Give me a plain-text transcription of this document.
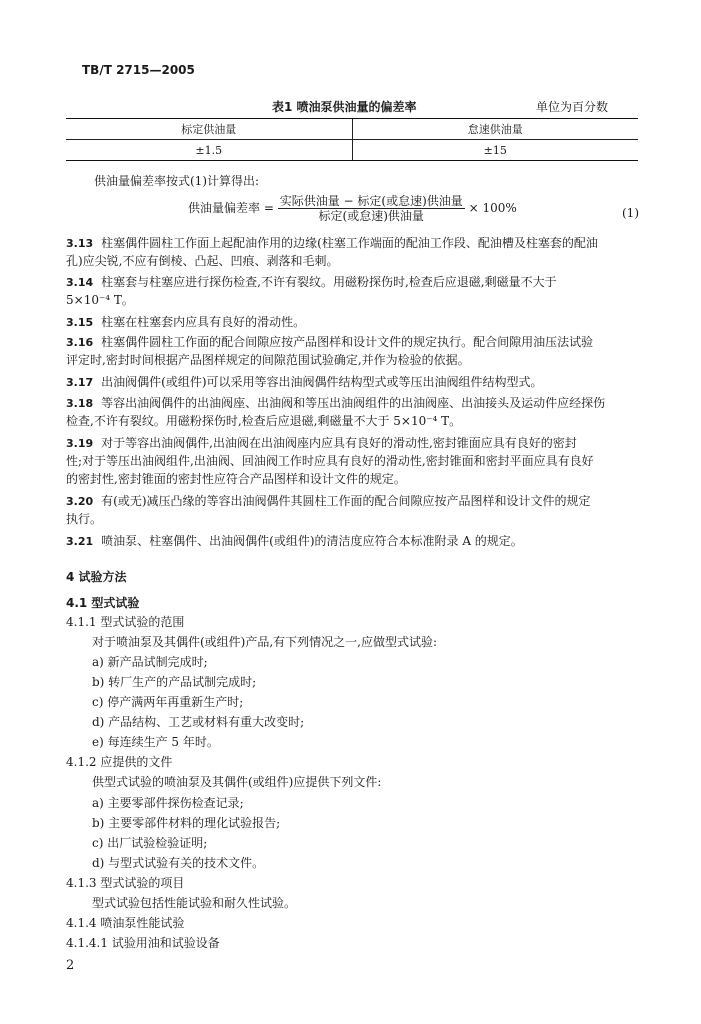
TB/T 2715—2005
表1 喷油泵供油量的偏差率	单位为百分数
标定供油量	怠速供油量
±1.5	±15
供油量偏差率按式(1)计算得出:
供油量偏差率 = $\frac{\text{实际供油量 − 标定(或怠速)供油量}}{\text{标定(或怠速)供油量}} \times 100\%$	(1)
3.13 柱塞偶件圆柱工作面上起配油作用的边缘(柱塞工作端面的配油工作段、配油槽及柱塞套的配油
孔)应尖锐,不应有倒棱、凸起、凹痕、剥落和毛刺。
3.14 柱塞套与柱塞应进行探伤检查,不许有裂纹。用磁粉探伤时,检查后应退磁,剩磁量不大于
5×10⁻⁴ T。
3.15 柱塞在柱塞套内应具有良好的滑动性。
3.16 柱塞偶件圆柱工作面的配合间隙应按产品图样和设计文件的规定执行。配合间隙用油压法试验
评定时,密封时间根据产品图样规定的间隙范围试验确定,并作为检验的依据。
3.17 出油阀偶件(或组件)可以采用等容出油阀偶件结构型式或等压出油阀组件结构型式。
3.18 等容出油阀偶件的出油阀座、出油阀和等压出油阀组件的出油阀座、出油接头及运动件应经探伤
检查,不许有裂纹。用磁粉探伤时,检查后应退磁,剩磁量不大于 5×10⁻⁴ T。
3.19 对于等容出油阀偶件,出油阀在出油阀座内应具有良好的滑动性,密封锥面应具有良好的密封
性;对于等压出油阀组件,出油阀、回油阀工作时应具有良好的滑动性,密封锥面和密封平面应具有良好
的密封性,密封锥面的密封性应符合产品图样和设计文件的规定。
3.20 有(或无)减压凸缘的等容出油阀偶件其圆柱工作面的配合间隙应按产品图样和设计文件的规定
执行。
3.21 喷油泵、柱塞偶件、出油阀偶件(或组件)的清洁度应符合本标准附录 A 的规定。
4 试验方法
4.1 型式试验
4.1.1 型式试验的范围
对于喷油泵及其偶件(或组件)产品,有下列情况之一,应做型式试验:
a) 新产品试制完成时;
b) 转厂生产的产品试制完成时;
c) 停产满两年再重新生产时;
d) 产品结构、工艺或材料有重大改变时;
e) 每连续生产 5 年时。
4.1.2 应提供的文件
供型式试验的喷油泵及其偶件(或组件)应提供下列文件:
a) 主要零部件探伤检查记录;
b) 主要零部件材料的理化试验报告;
c) 出厂试验检验证明;
d) 与型式试验有关的技术文件。
4.1.3 型式试验的项目
型式试验包括性能试验和耐久性试验。
4.1.4 喷油泵性能试验
4.1.4.1 试验用油和试验设备
2
